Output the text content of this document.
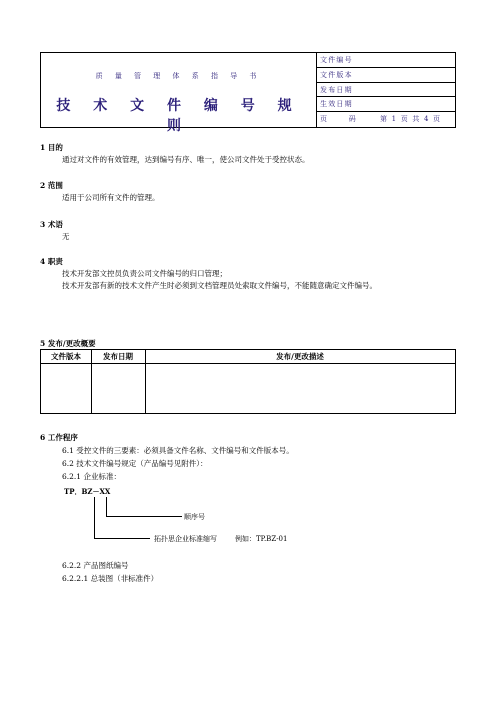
质 量 管 理 体 系 指 导 书
技 术 文 件 编 号 规 则
文件编号
文件版本
发布日期
生效日期
页      码	第 1 页 共 4 页
1 目的
通过对文件的有效管理，达到编号有序、唯一，使公司文件处于受控状态。
2 范围
适用于公司所有文件的管理。
3 术语
无
4 职责
技术开发部文控员负责公司文件编号的归口管理；
技术开发部有新的技术文件产生时必须到文档管理员处索取文件编号，不能随意确定文件编号。
5 发布/更改概要
文件版本	发布日期	发布/更改描述
6 工作程序
6.1 受控文件的三要素：必须具备文件名称、文件编号和文件版本号。
6.2 技术文件编号规定（产品编号见附件）：
6.2.1 企业标准：
TP．BZ－XX
顺序号
拓扑思企业标准缩写	例如：TP.BZ-01
6.2.2 产品图纸编号
6.2.2.1 总装图（非标准件）
